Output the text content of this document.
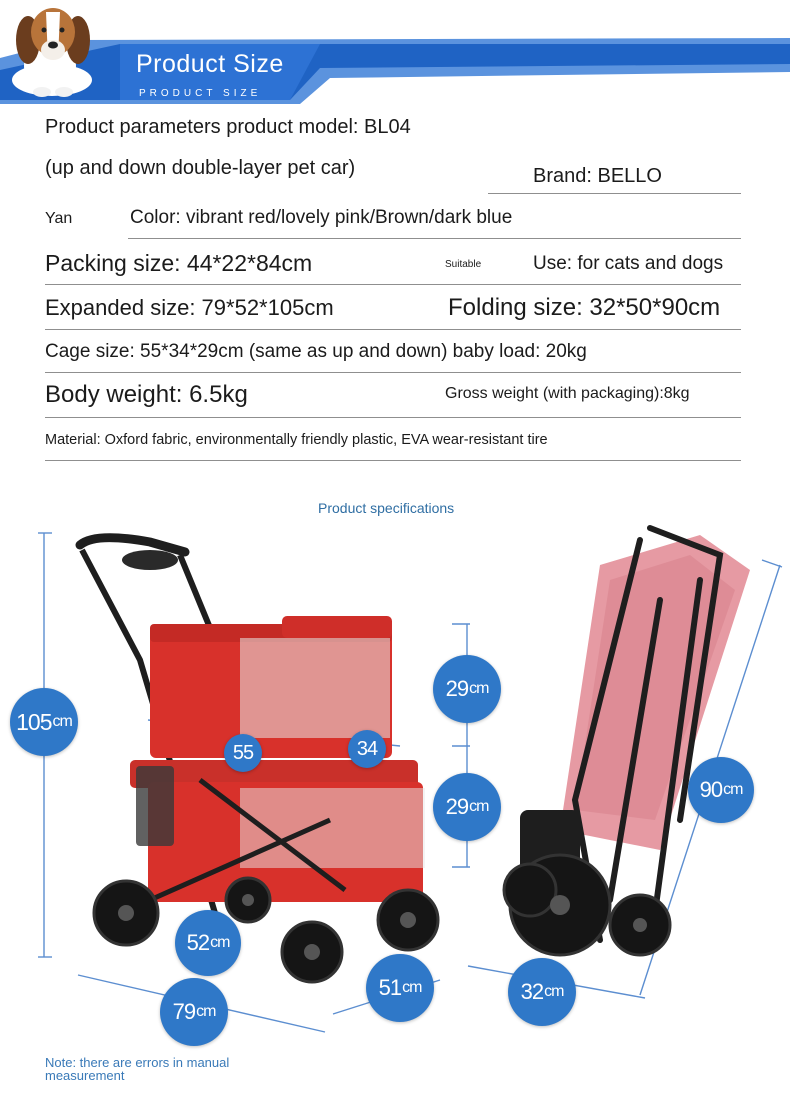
Product Size
PRODUCT SIZE
Product parameters product model: BL04
(up and down double-layer pet car)	Brand: BELLO
Yan	Color: vibrant red/lovely pink/Brown/dark blue
Packing size: 44*22*84cm	Suitable	Use: for cats and dogs
Expanded size: 79*52*105cm	Folding size: 32*50*90cm
Cage size: 55*34*29cm (same as up and down) baby load: 20kg
Body weight: 6.5kg	Gross weight (with packaging):8kg
Material: Oxford fabric, environmentally friendly plastic, EVA wear-resistant tire
Product specifications
105 cm
29 cm
29 cm
55	34
52 cm
79 cm
51 cm
90 cm
32 cm
Note: there are errors in manual measurement
